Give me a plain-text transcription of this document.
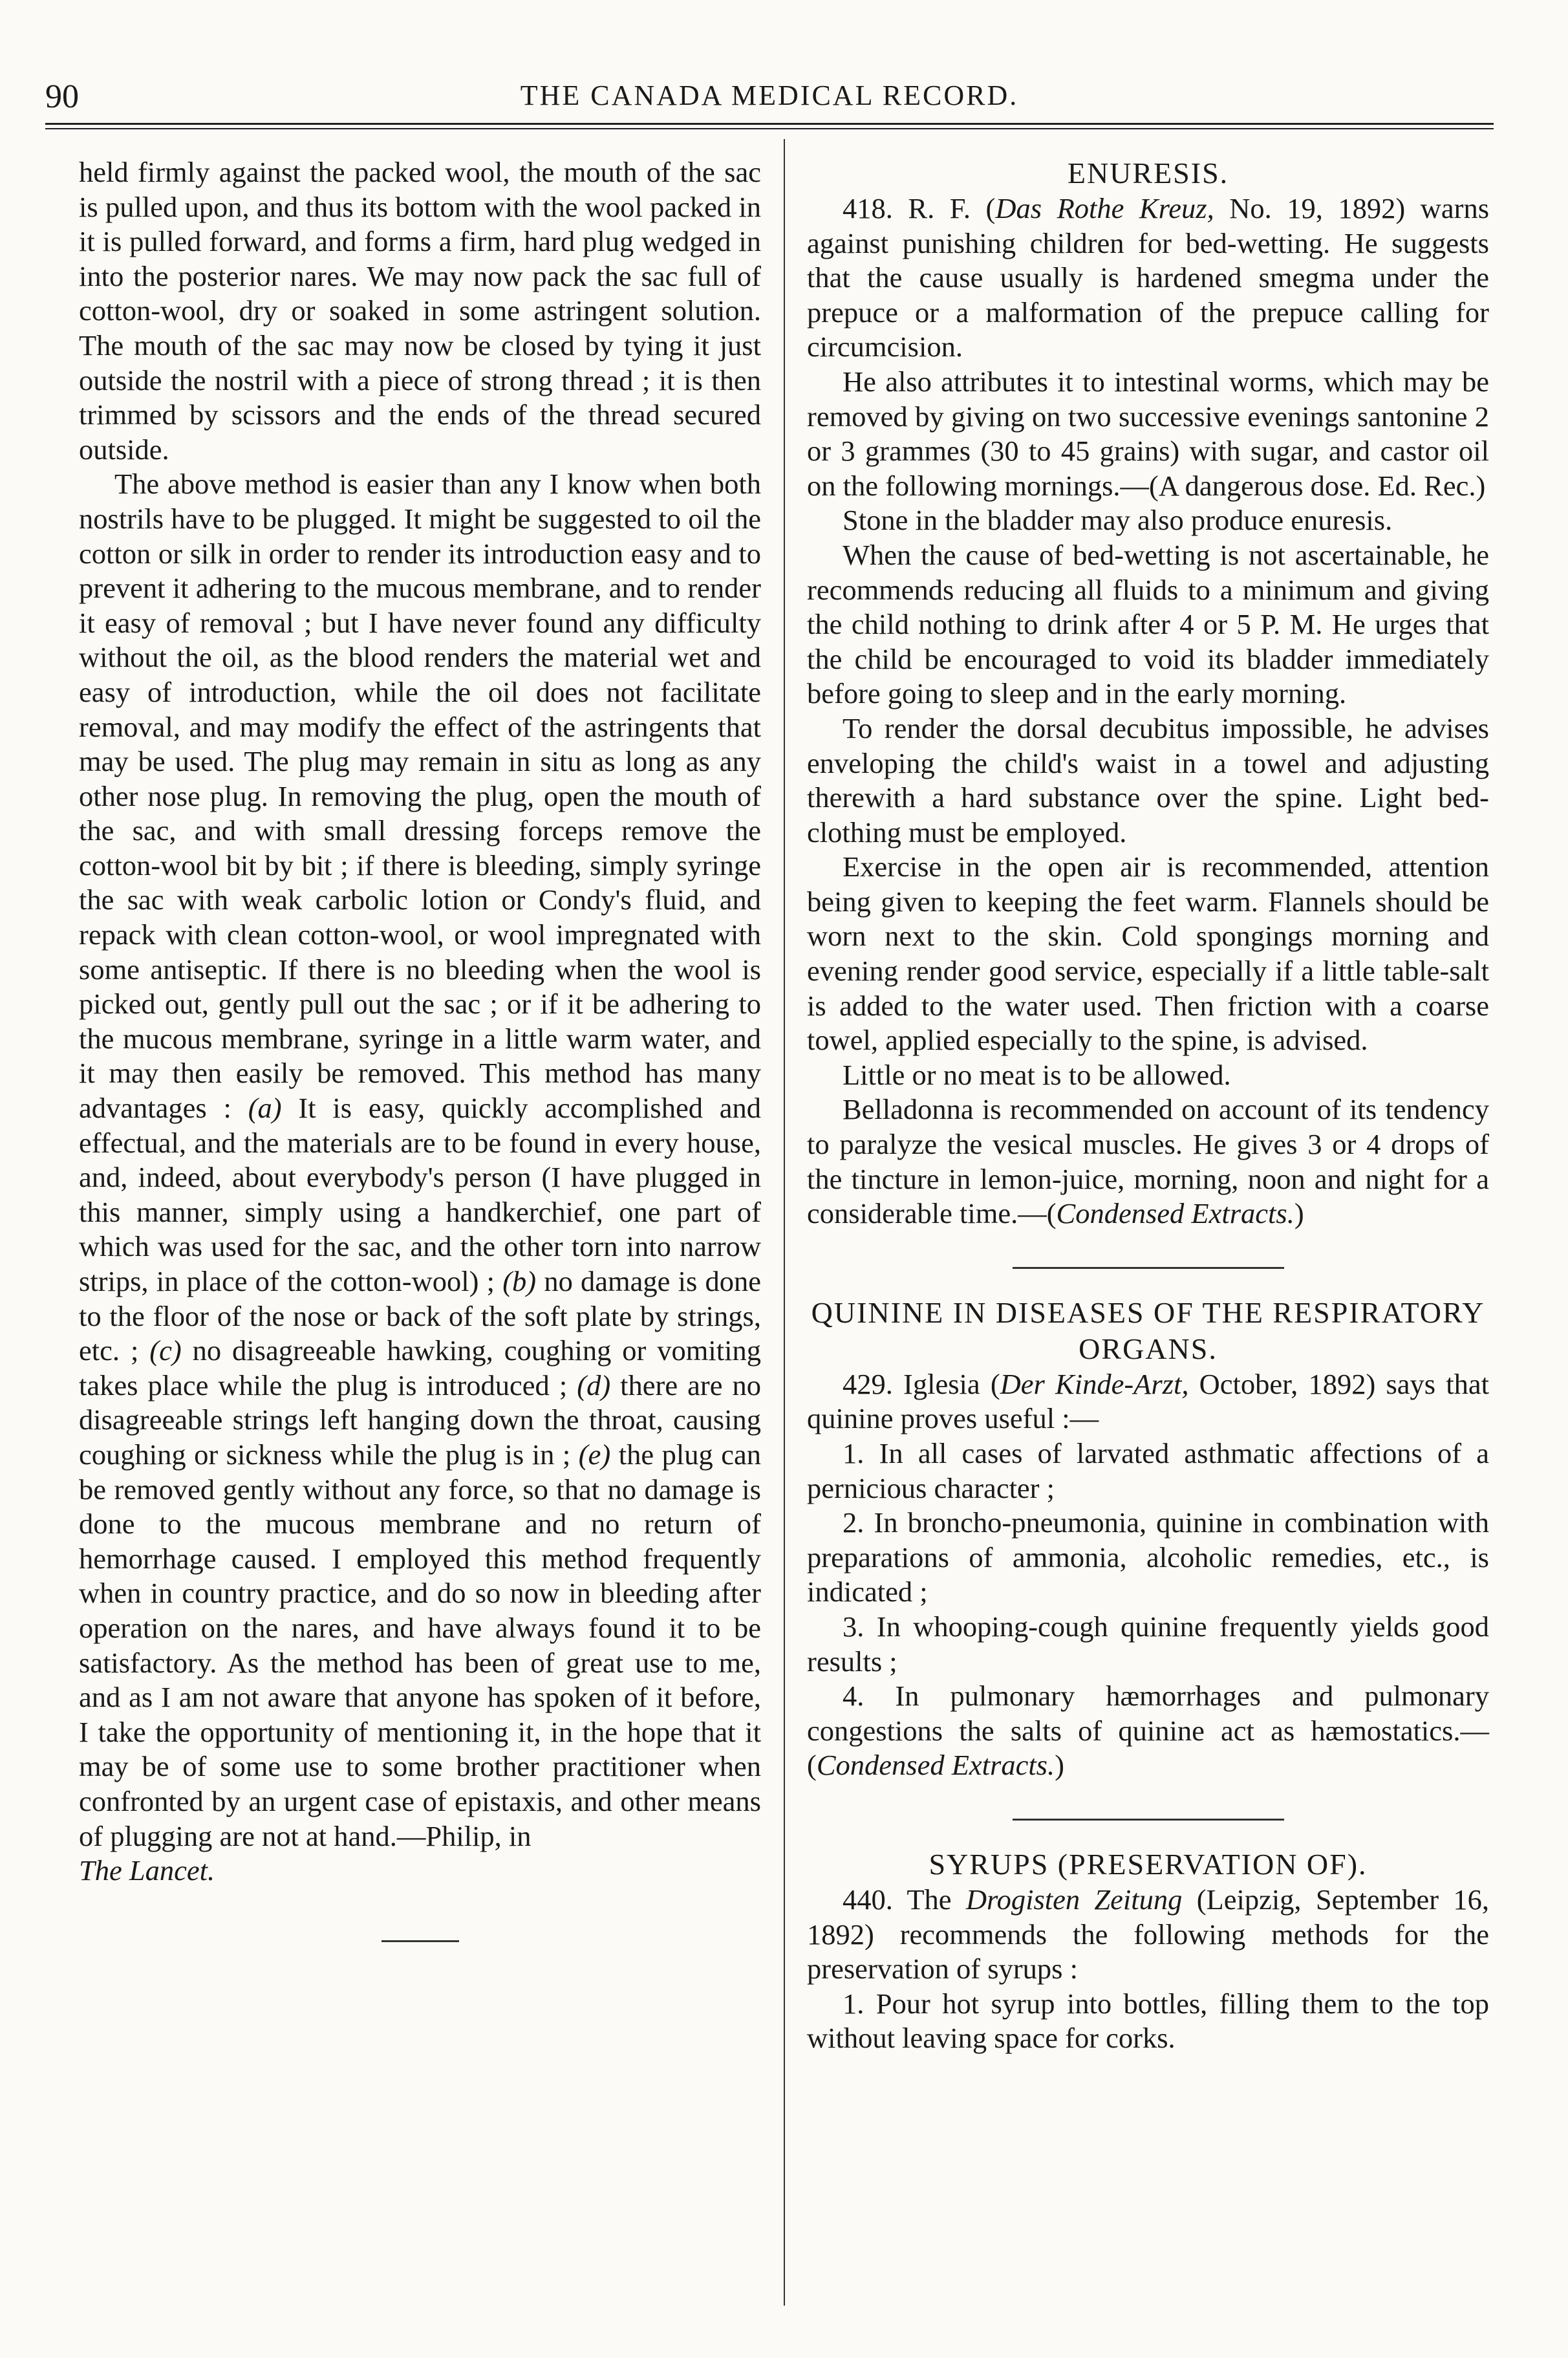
90	THE CANADA MEDICAL RECORD.

held firmly against the packed wool, the mouth of the sac is pulled upon, and thus its bottom with the wool packed in it is pulled forward, and forms a firm, hard plug wedged in into the posterior nares. We may now pack the sac full of cotton-wool, dry or soaked in some astringent solution. The mouth of the sac may now be closed by tying it just outside the nostril with a piece of strong thread ; it is then trimmed by scissors and the ends of the thread secured outside.

The above method is easier than any I know when both nostrils have to be plugged. It might be suggested to oil the cotton or silk in order to render its introduction easy and to prevent it adhering to the mucous membrane, and to render it easy of removal ; but I have never found any difficulty without the oil, as the blood renders the material wet and easy of introduction, while the oil does not facilitate removal, and may modify the effect of the astringents that may be used. The plug may remain in situ as long as any other nose plug. In removing the plug, open the mouth of the sac, and with small dressing forceps remove the cotton-wool bit by bit ; if there is bleeding, simply syringe the sac with weak carbolic lotion or Condy's fluid, and repack with clean cotton-wool, or wool impregnated with some antiseptic. If there is no bleeding when the wool is picked out, gently pull out the sac ; or if it be adhering to the mucous membrane, syringe in a little warm water, and it may then easily be removed. This method has many advantages : (a) It is easy, quickly accomplished and effectual, and the materials are to be found in every house, and, indeed, about everybody's person (I have plugged in this manner, simply using a handkerchief, one part of which was used for the sac, and the other torn into narrow strips, in place of the cotton-wool) ; (b) no damage is done to the floor of the nose or back of the soft plate by strings, etc. ; (c) no disagreeable hawking, coughing or vomiting takes place while the plug is introduced ; (d) there are no disagreeable strings left hanging down the throat, causing coughing or sickness while the plug is in ; (e) the plug can be removed gently without any force, so that no damage is done to the mucous membrane and no return of hemorrhage caused. I employed this method frequently when in country practice, and do so now in bleeding after operation on the nares, and have always found it to be satisfactory. As the method has been of great use to me, and as I am not aware that anyone has spoken of it before, I take the opportunity of mentioning it, in the hope that it may be of some use to some brother practitioner when confronted by an urgent case of epistaxis, and other means of plugging are not at hand.—Philip, in
The Lancet.

ENURESIS.

418. R. F. (Das Rothe Kreuz, No. 19, 1892) warns against punishing children for bed-wetting. He suggests that the cause usually is hardened smegma under the prepuce or a malformation of the prepuce calling for circumcision.

He also attributes it to intestinal worms, which may be removed by giving on two successive evenings santonine 2 or 3 grammes (30 to 45 grains) with sugar, and castor oil on the following mornings.—(A dangerous dose. Ed. Rec.)

Stone in the bladder may also produce enuresis.

When the cause of bed-wetting is not ascertainable, he recommends reducing all fluids to a minimum and giving the child nothing to drink after 4 or 5 P. M. He urges that the child be encouraged to void its bladder immediately before going to sleep and in the early morning.

To render the dorsal decubitus impossible, he advises enveloping the child's waist in a towel and adjusting therewith a hard substance over the spine. Light bed-clothing must be employed.

Exercise in the open air is recommended, attention being given to keeping the feet warm. Flannels should be worn next to the skin. Cold spongings morning and evening render good service, especially if a little table-salt is added to the water used. Then friction with a coarse towel, applied especially to the spine, is advised.

Little or no meat is to be allowed.

Belladonna is recommended on account of its tendency to paralyze the vesical muscles. He gives 3 or 4 drops of the tincture in lemon-juice, morning, noon and night for a considerable time.—(Condensed Extracts.)

QUININE IN DISEASES OF THE RESPIRATORY ORGANS.

429. Iglesia (Der Kinde-Arzt, October, 1892) says that quinine proves useful :—

1. In all cases of larvated asthmatic affections of a pernicious character ;

2. In broncho-pneumonia, quinine in combination with preparations of ammonia, alcoholic remedies, etc., is indicated ;

3. In whooping-cough quinine frequently yields good results ;

4. In pulmonary hæmorrhages and pulmonary congestions the salts of quinine act as hæmostatics.—(Condensed Extracts.)

SYRUPS (PRESERVATION OF).

440. The Drogisten Zeitung (Leipzig, September 16, 1892) recommends the following methods for the preservation of syrups :

1. Pour hot syrup into bottles, filling them to the top without leaving space for corks.
